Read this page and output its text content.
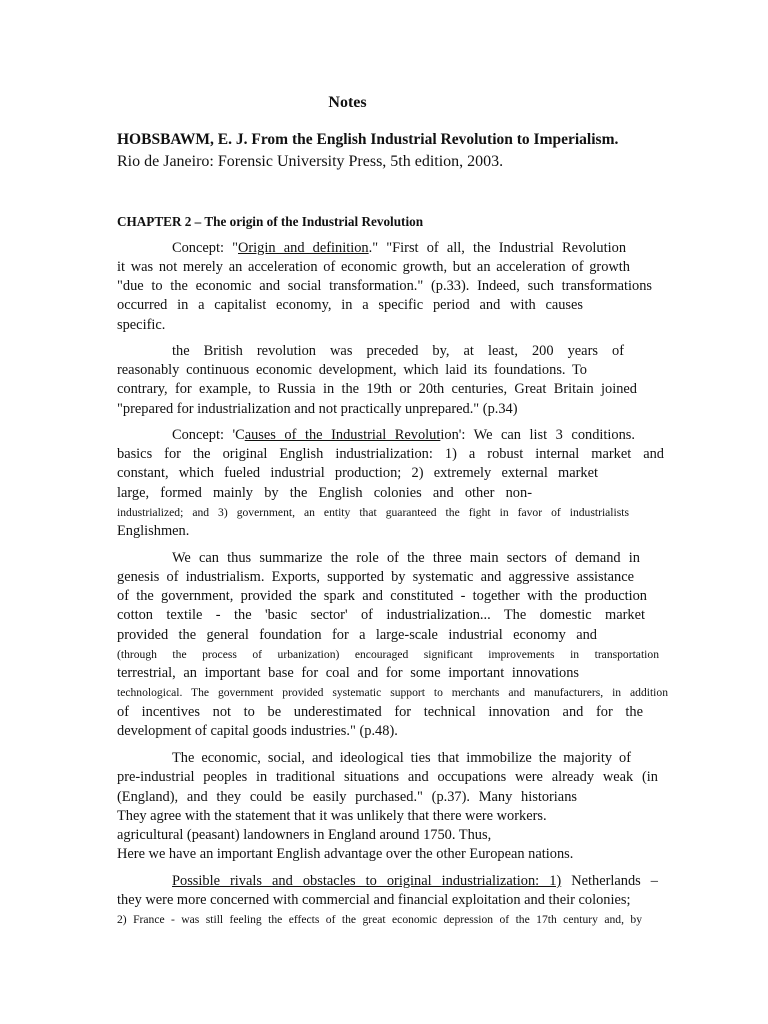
Notes
HOBSBAWM, E. J. From the English Industrial Revolution to Imperialism.
Rio de Janeiro: Forensic University Press, 5th edition, 2003.
CHAPTER 2 – The origin of the Industrial Revolution
Concept: "Origin and definition." "First of all, the Industrial Revolution
it was not merely an acceleration of economic growth, but an acceleration of growth
"due to the economic and social transformation." (p.33). Indeed, such transformations
occurred in a capitalist economy, in a specific period and with causes
specific.
the British revolution was preceded by, at least, 200 years of
reasonably continuous economic development, which laid its foundations. To
contrary, for example, to Russia in the 19th or 20th centuries, Great Britain joined
"prepared for industrialization and not practically unprepared." (p.34)
Concept: 'Causes of the Industrial Revolution': We can list 3 conditions.
basics for the original English industrialization: 1) a robust internal market and
constant, which fueled industrial production; 2) extremely external market
large, formed mainly by the English colonies and other non-
industrialized; and 3) government, an entity that guaranteed the fight in favor of industrialists
Englishmen.
We can thus summarize the role of the three main sectors of demand in
genesis of industrialism. Exports, supported by systematic and aggressive assistance
of the government, provided the spark and constituted - together with the production
cotton textile - the 'basic sector' of industrialization... The domestic market
provided the general foundation for a large-scale industrial economy and
(through the process of urbanization) encouraged significant improvements in transportation
terrestrial, an important base for coal and for some important innovations
technological. The government provided systematic support to merchants and manufacturers, in addition
of incentives not to be underestimated for technical innovation and for the
development of capital goods industries." (p.48).
The economic, social, and ideological ties that immobilize the majority of
pre-industrial peoples in traditional situations and occupations were already weak (in
(England), and they could be easily purchased." (p.37). Many historians
They agree with the statement that it was unlikely that there were workers.
agricultural (peasant) landowners in England around 1750. Thus,
Here we have an important English advantage over the other European nations.
Possible rivals and obstacles to original industrialization: 1) Netherlands –
they were more concerned with commercial and financial exploitation and their colonies;
2) France - was still feeling the effects of the great economic depression of the 17th century and, by
